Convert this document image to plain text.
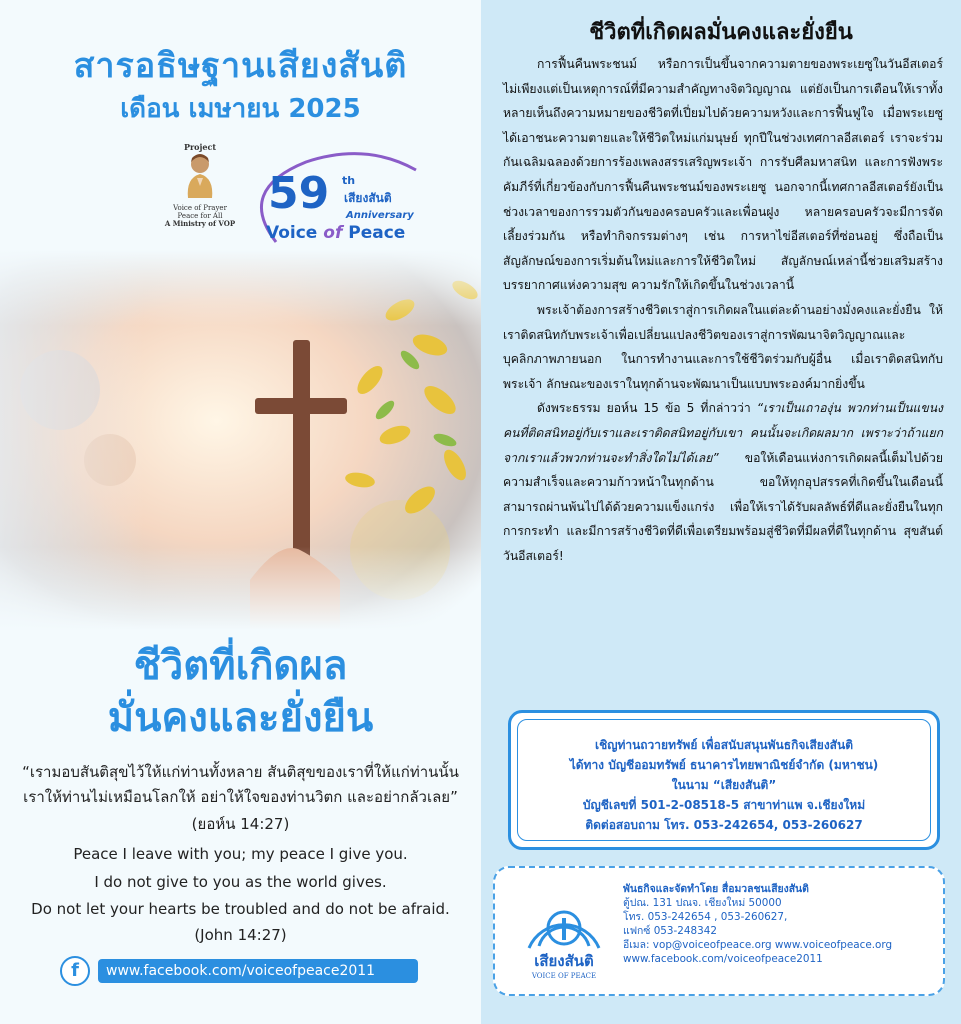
สารอธิษฐานเสียงสันติ
เดือน เมษายน 2025
Project
Voice of Prayer
Peace for All
A Ministry of VOP
59 th
เสียงสันติ
Anniversary
Voice of Peace
ชีวิตที่เกิดผล
มั่นคงและยั่งยืน
“เรามอบสันติสุขไว้ให้แก่ท่านทั้งหลาย สันติสุขของเราที่ให้แก่ท่านนั้น
เราให้ท่านไม่เหมือนโลกให้ อย่าให้ใจของท่านวิตก และอย่ากลัวเลย”
(ยอห์น 14:27)
Peace I leave with you; my peace I give you.
I do not give to you as the world gives.
Do not let your hearts be troubled and do not be afraid.
(John 14:27)
f	www.facebook.com/voiceofpeace2011
ชีวิตที่เกิดผลมั่นคงและยั่งยืน

การฟื้นคืนพระชนม์ หรือการเป็นขึ้นจากความตายของพระเยซูในวันอีสเตอร์ ไม่เพียงแต่เป็นเหตุการณ์ที่มีความสำคัญทางจิตวิญญาณ แต่ยังเป็นการเตือนให้เราทั้งหลายเห็นถึงความหมายของชีวิตที่เปี่ยมไปด้วยความหวังและการฟื้นฟูใจ เมื่อพระเยซูได้เอาชนะความตายและให้ชีวิตใหม่แก่มนุษย์ ทุกปีในช่วงเทศกาลอีสเตอร์ เราจะร่วมกันเฉลิมฉลองด้วยการร้องเพลงสรรเสริญพระเจ้า การรับศีลมหาสนิท และการฟังพระคัมภีร์ที่เกี่ยวข้องกับการฟื้นคืนพระชนม์ของพระเยซู นอกจากนี้เทศกาลอีสเตอร์ยังเป็นช่วงเวลาของการรวมตัวกันของครอบครัวและเพื่อนฝูง หลายครอบครัวจะมีการจัดเลี้ยงร่วมกัน หรือทำกิจกรรมต่างๆ เช่น การหาไข่อีสเตอร์ที่ซ่อนอยู่ ซึ่งถือเป็นสัญลักษณ์ของการเริ่มต้นใหม่และการให้ชีวิตใหม่ สัญลักษณ์เหล่านี้ช่วยเสริมสร้างบรรยากาศแห่งความสุข ความรักให้เกิดขึ้นในช่วงเวลานี้

พระเจ้าต้องการสร้างชีวิตเราสู่การเกิดผลในแต่ละด้านอย่างมั่งคงและยั่งยืน ให้เราติดสนิทกับพระเจ้าเพื่อเปลี่ยนแปลงชีวิตของเราสู่การพัฒนาจิตวิญญาณและบุคลิกภาพภายนอก ในการทำงานและการใช้ชีวิตร่วมกับผู้อื่น เมื่อเราติดสนิทกับพระเจ้า ลักษณะของเราในทุกด้านจะพัฒนาเป็นแบบพระองค์มากยิ่งขึ้น

ดังพระธรรม ยอห์น 15 ข้อ 5 ที่กล่าวว่า “เราเป็นเถาองุ่น พวกท่านเป็นแขนง คนที่ติดสนิทอยู่กับเราและเราติดสนิทอยู่กับเขา คนนั้นจะเกิดผลมาก เพราะว่าถ้าแยกจากเราแล้วพวกท่านจะทำสิ่งใดไม่ได้เลย” ขอให้เดือนแห่งการเกิดผลนี้เต็มไปด้วยความสำเร็จและความก้าวหน้าในทุกด้าน ขอให้ทุกอุปสรรคที่เกิดขึ้นในเดือนนี้สามารถผ่านพ้นไปได้ด้วยความแข็งแกร่ง เพื่อให้เราได้รับผลลัพธ์ที่ดีและยั่งยืนในทุกการกระทำ และมีการสร้างชีวิตที่ดีเพื่อเตรียมพร้อมสู่ชีวิตที่มีผลที่ดีในทุกด้าน สุขสันต์วันอีสเตอร์!

เชิญท่านถวายทรัพย์ เพื่อสนับสนุนพันธกิจเสียงสันติ
ได้ทาง บัญชีออมทรัพย์ ธนาคารไทยพาณิชย์จำกัด (มหาชน)
ในนาม “เสียงสันติ”
บัญชีเลขที่ 501-2-08518-5 สาขาท่าแพ จ.เชียงใหม่
ติดต่อสอบถาม โทร. 053-242654, 053-260627
เสียงสันติ
VOICE OF PEACE
พันธกิจและจัดทำโดย สื่อมวลชนเสียงสันติ
ตู้ปณ. 131 ปณจ. เชียงใหม่ 50000
โทร. 053-242654 , 053-260627,
แฟกซ์ 053-248342
อีเมล: vop@voiceofpeace.org www.voiceofpeace.org
www.facebook.com/voiceofpeace2011
